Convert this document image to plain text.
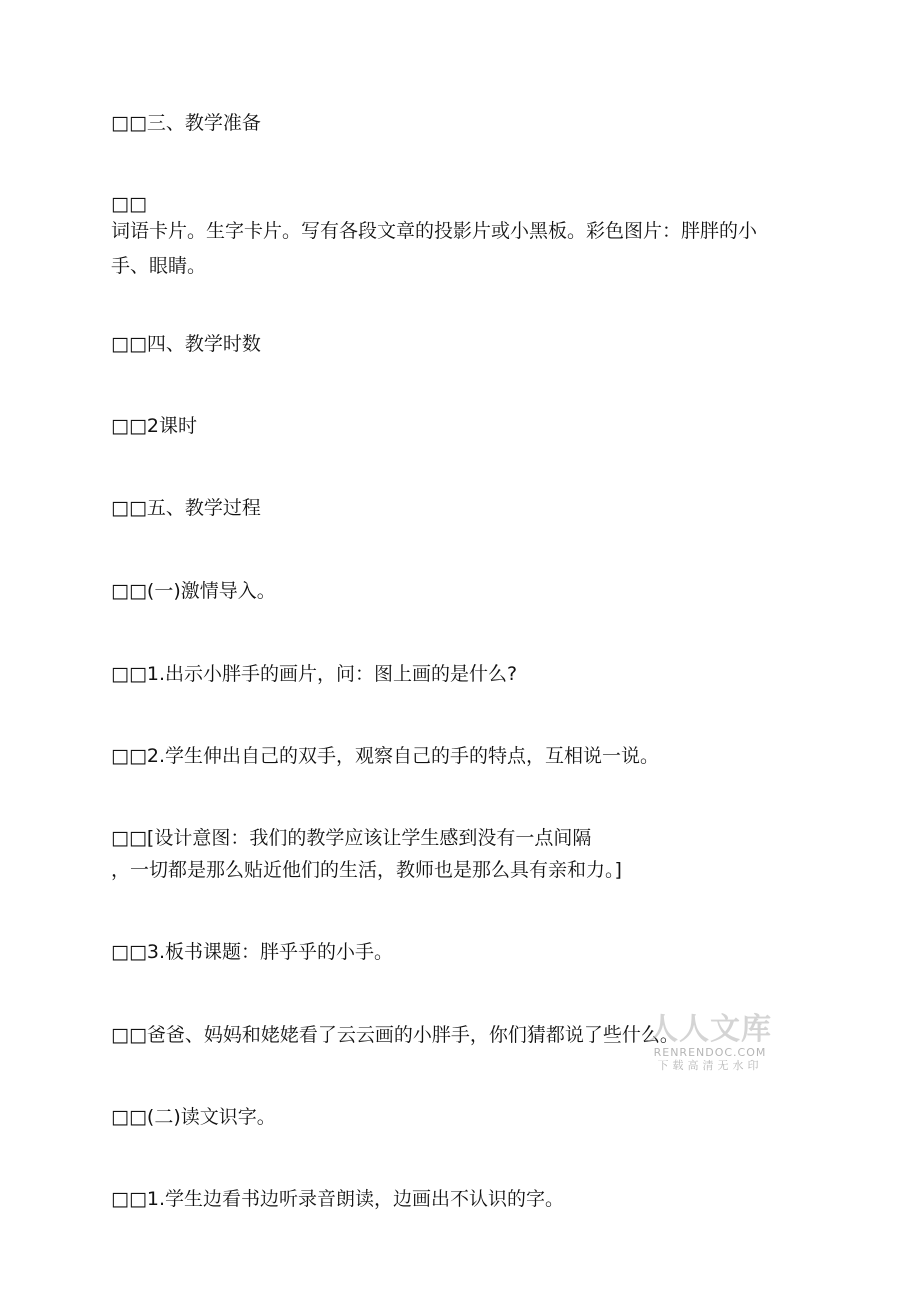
□□三、教学准备
□□
词语卡片。生字卡片。写有各段文章的投影片或小黑板。彩色图片：胖胖的小
手、眼睛。
□□四、教学时数
□□2课时
□□五、教学过程
□□(一)激情导入。
□□1.出示小胖手的画片，问：图上画的是什么?
□□2.学生伸出自己的双手，观察自己的手的特点，互相说一说。
□□[设计意图：我们的教学应该让学生感到没有一点间隔
，一切都是那么贴近他们的生活，教师也是那么具有亲和力。]
□□3.板书课题：胖乎乎的小手。
□□爸爸、妈妈和姥姥看了云云画的小胖手，你们猜都说了些什么。
□□(二)读文识字。
□□1.学生边看书边听录音朗读，边画出不认识的字。
人人文库
RENRENDOC.COM
下载高清无水印
